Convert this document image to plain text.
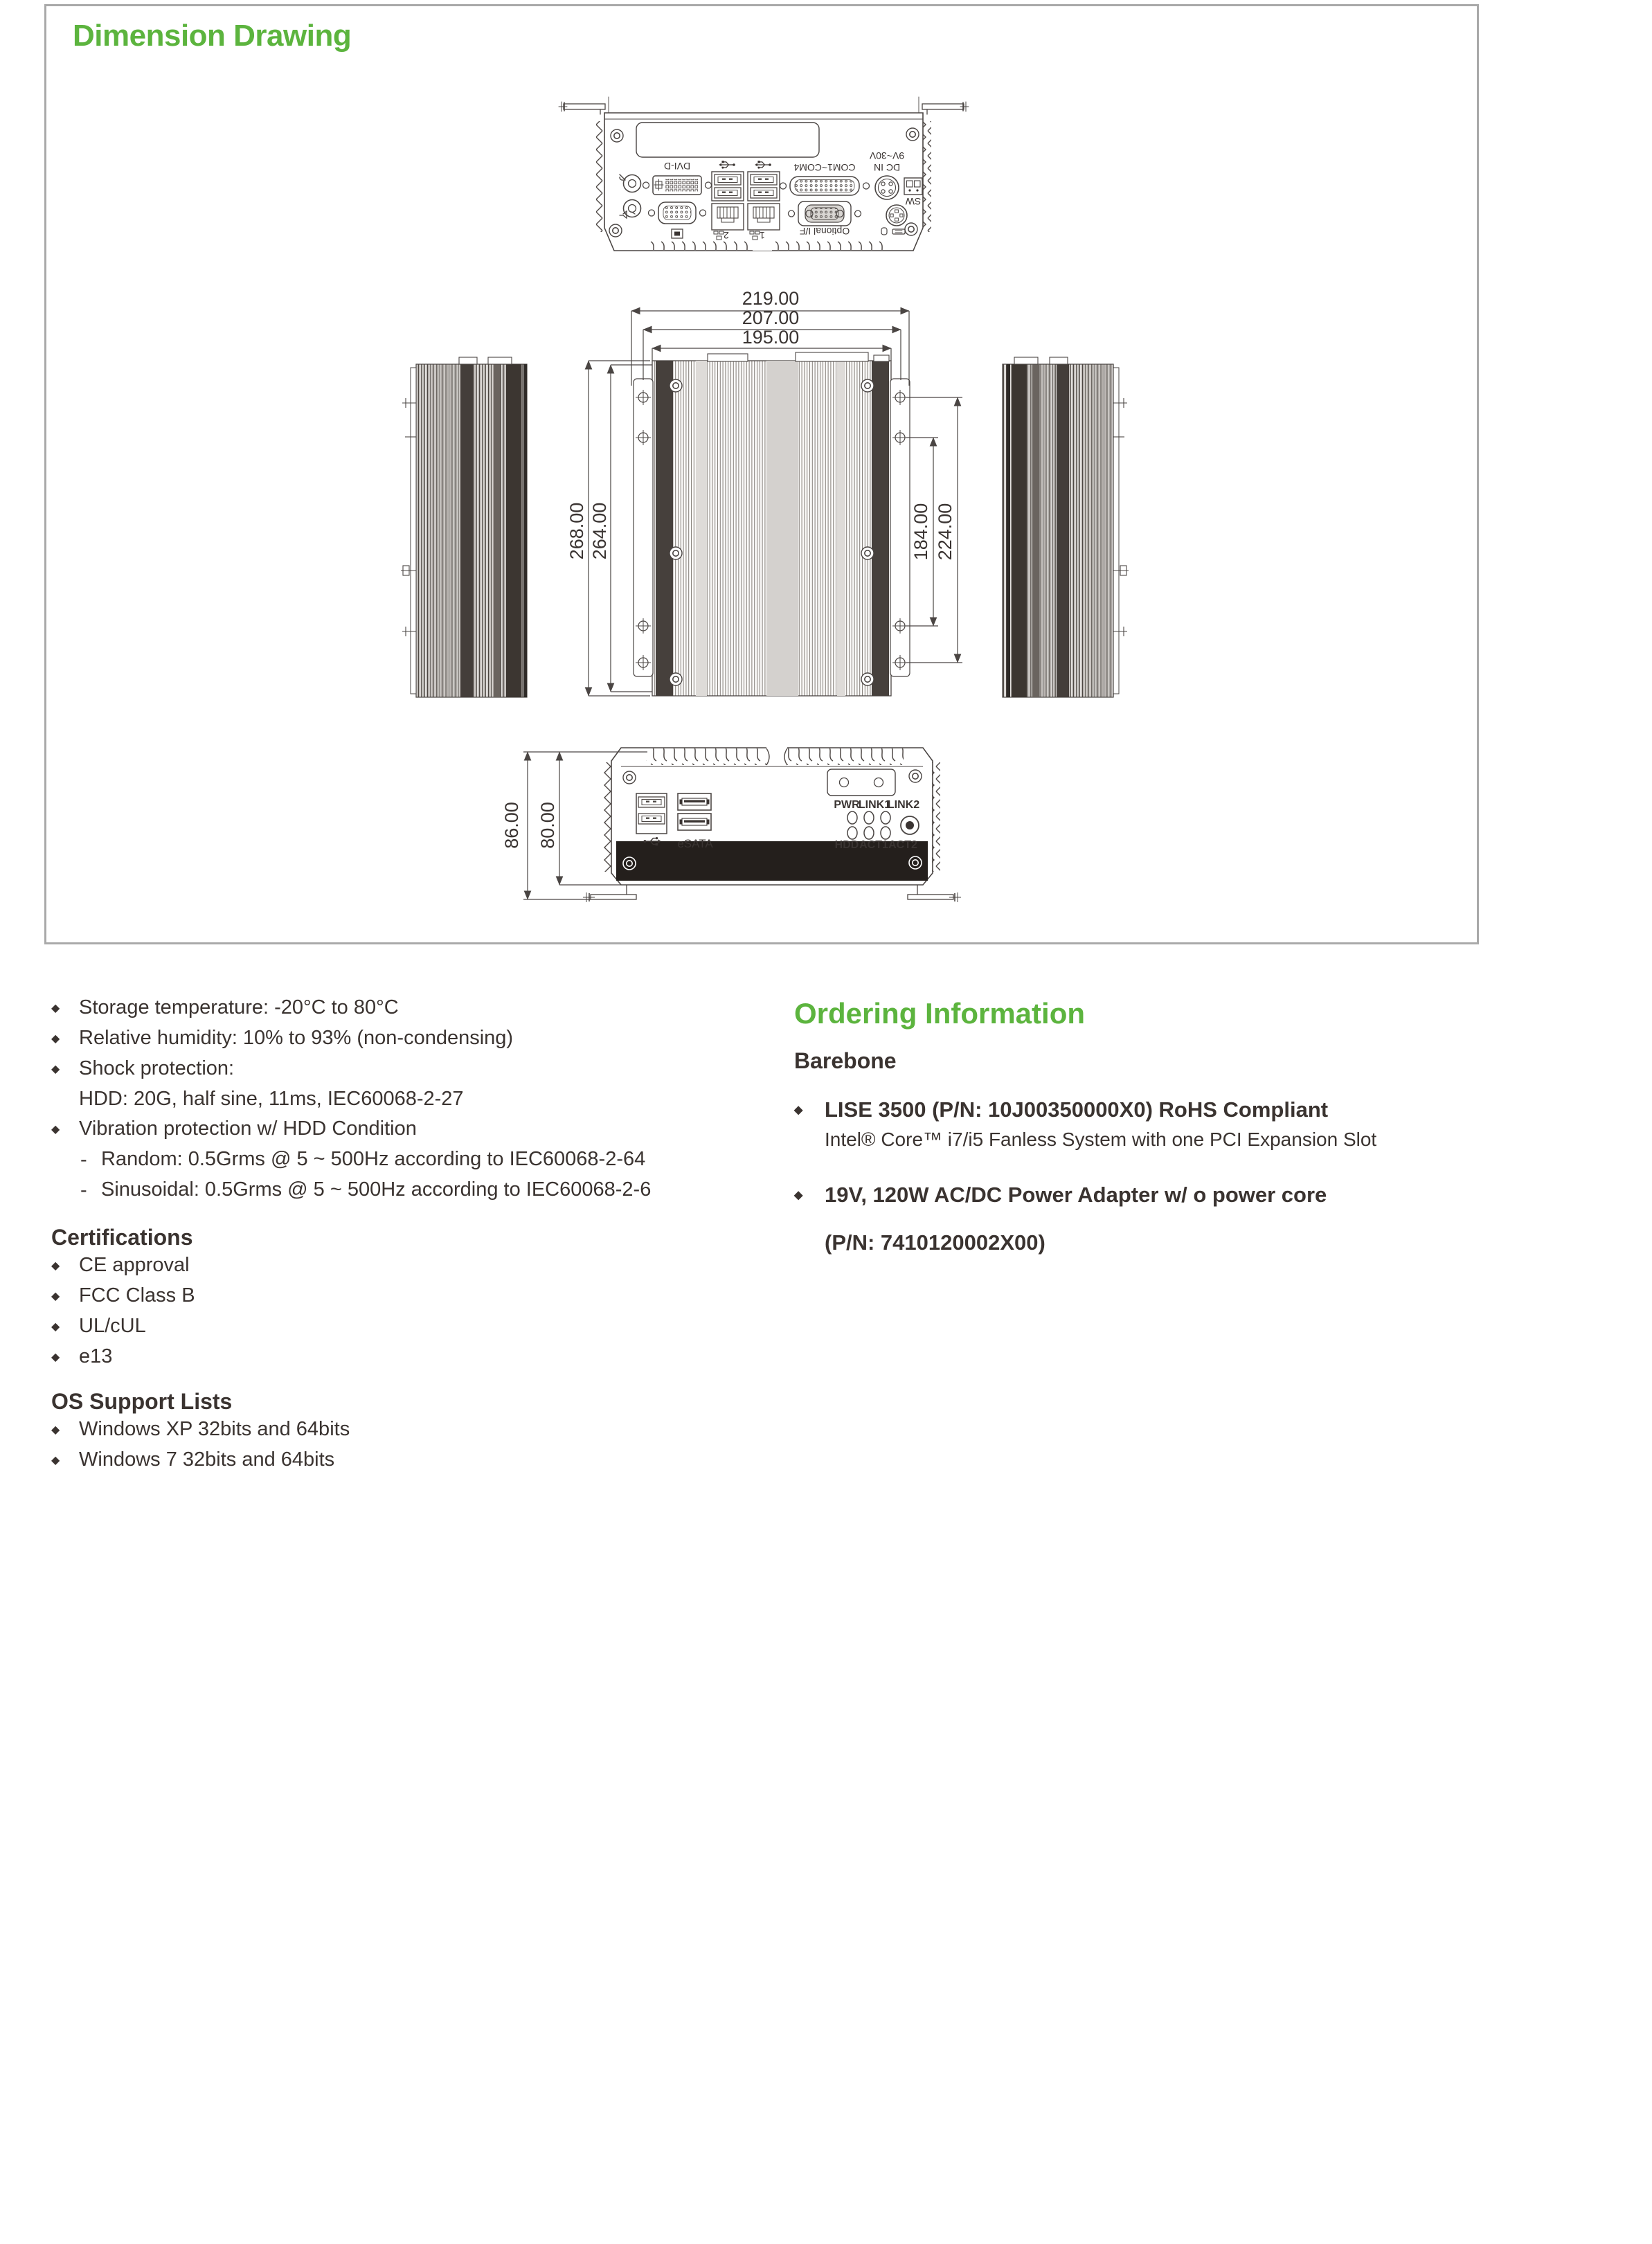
Dimension Drawing
DVI-D
2	1
COM1~COM4
Optional I/F
9V~30V
DC IN
SW
219.00
207.00
195.00
268.00 264.00	184.00 224.00
eSATA
PWR
LINK1
LINK2
HDD ACT1 ACT2
86.00 80.00
◆ Storage temperature: -20°C to 80°C
◆ Relative humidity: 10% to 93% (non-condensing)
◆ Shock protection:
HDD: 20G, half sine, 11ms, IEC60068-2-27
◆ Vibration protection w/ HDD Condition
- Random: 0.5Grms @ 5 ~ 500Hz according to IEC60068-2-64
- Sinusoidal: 0.5Grms @ 5 ~ 500Hz according to IEC60068-2-6

Certifications

◆ CE approval
◆ FCC Class B
◆ UL/cUL
◆ e13

OS Support Lists

◆ Windows XP 32bits and 64bits
◆ Windows 7 32bits and 64bits

Ordering Information

Barebone

◆	LISE 3500 (P/N: 10J00350000X0) RoHS Compliant
Intel® Core™ i7/i5 Fanless System with one PCI Expansion Slot
◆	19V, 120W AC/DC Power Adapter w/ o power core
(P/N: 7410120002X00)
